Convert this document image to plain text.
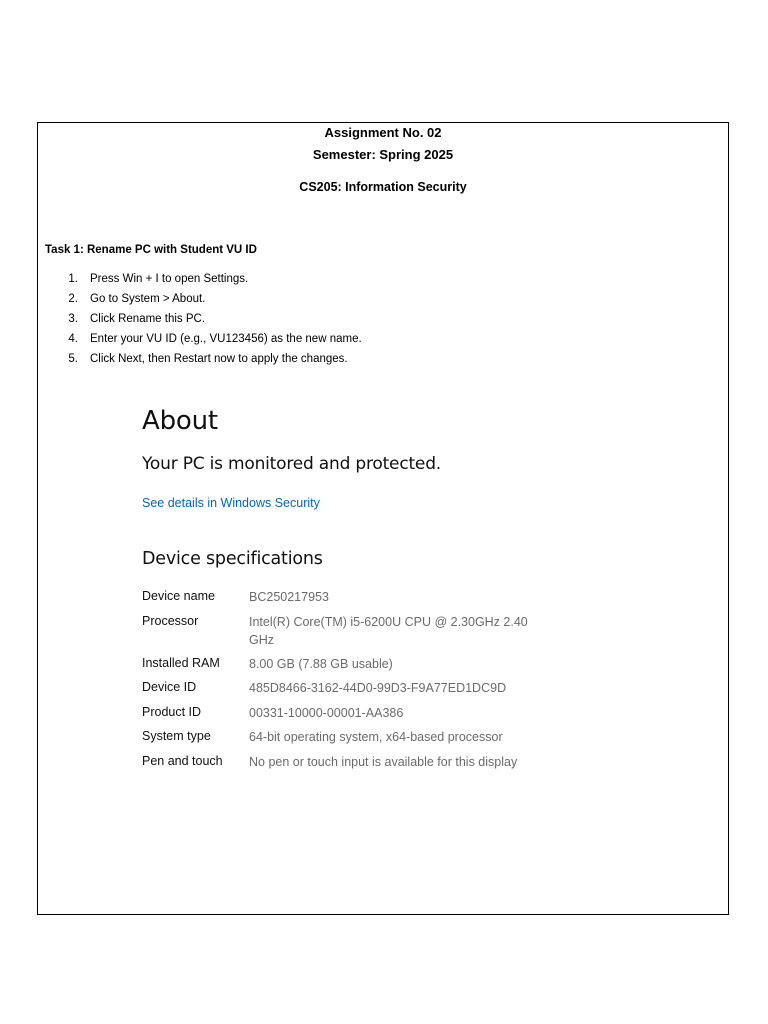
Assignment No. 02
Semester: Spring 2025
CS205: Information Security
Task 1: Rename PC with Student VU ID
1.	Press Win + I to open Settings.
2.	Go to System > About.
3.	Click Rename this PC.
4.	Enter your VU ID (e.g., VU123456) as the new name.
5.	Click Next, then Restart now to apply the changes.
About
Your PC is monitored and protected.
See details in Windows Security
Device specifications
Device name	BC250217953
Processor	Intel(R) Core(TM) i5-6200U CPU @ 2.30GHz 2.40 GHz
Installed RAM	8.00 GB (7.88 GB usable)
Device ID	485D8466-3162-44D0-99D3-F9A77ED1DC9D
Product ID	00331-10000-00001-AA386
System type	64-bit operating system, x64-based processor
Pen and touch	No pen or touch input is available for this display
